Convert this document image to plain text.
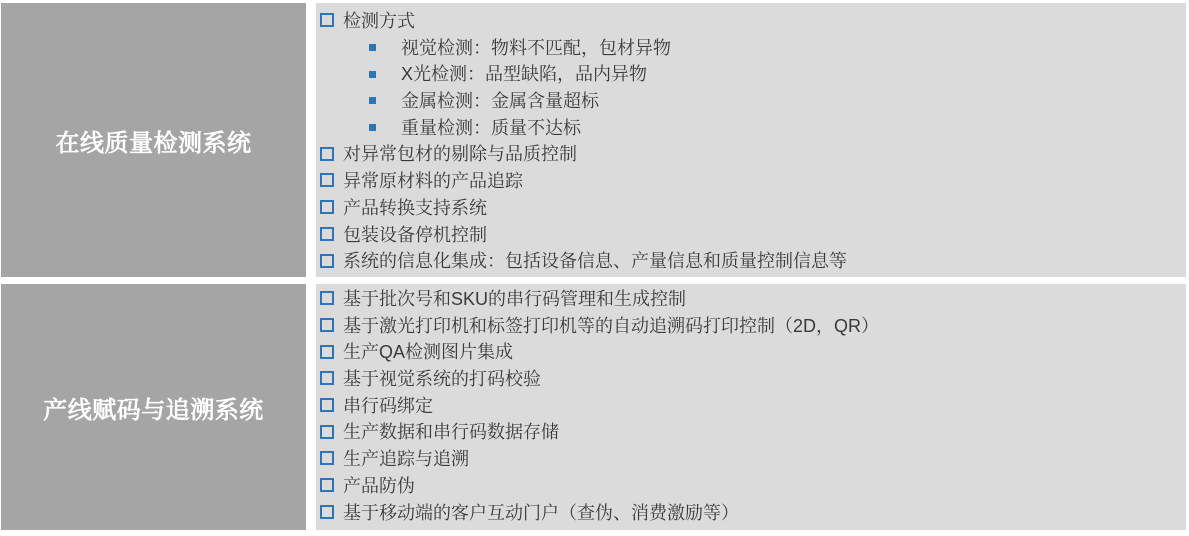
在线质量检测系统
检测方式
视觉检测：物料不匹配，包材异物
X光检测：品型缺陷，品内异物
金属检测：金属含量超标
重量检测：质量不达标
对异常包材的剔除与品质控制
异常原材料的产品追踪
产品转换支持系统
包装设备停机控制
系统的信息化集成：包括设备信息、产量信息和质量控制信息等
产线赋码与追溯系统
基于批次号和SKU的串行码管理和生成控制
基于激光打印机和标签打印机等的自动追溯码打印控制（2D，QR）
生产QA检测图片集成
基于视觉系统的打码校验
串行码绑定
生产数据和串行码数据存储
生产追踪与追溯
产品防伪
基于移动端的客户互动门户（查伪、消费激励等）
